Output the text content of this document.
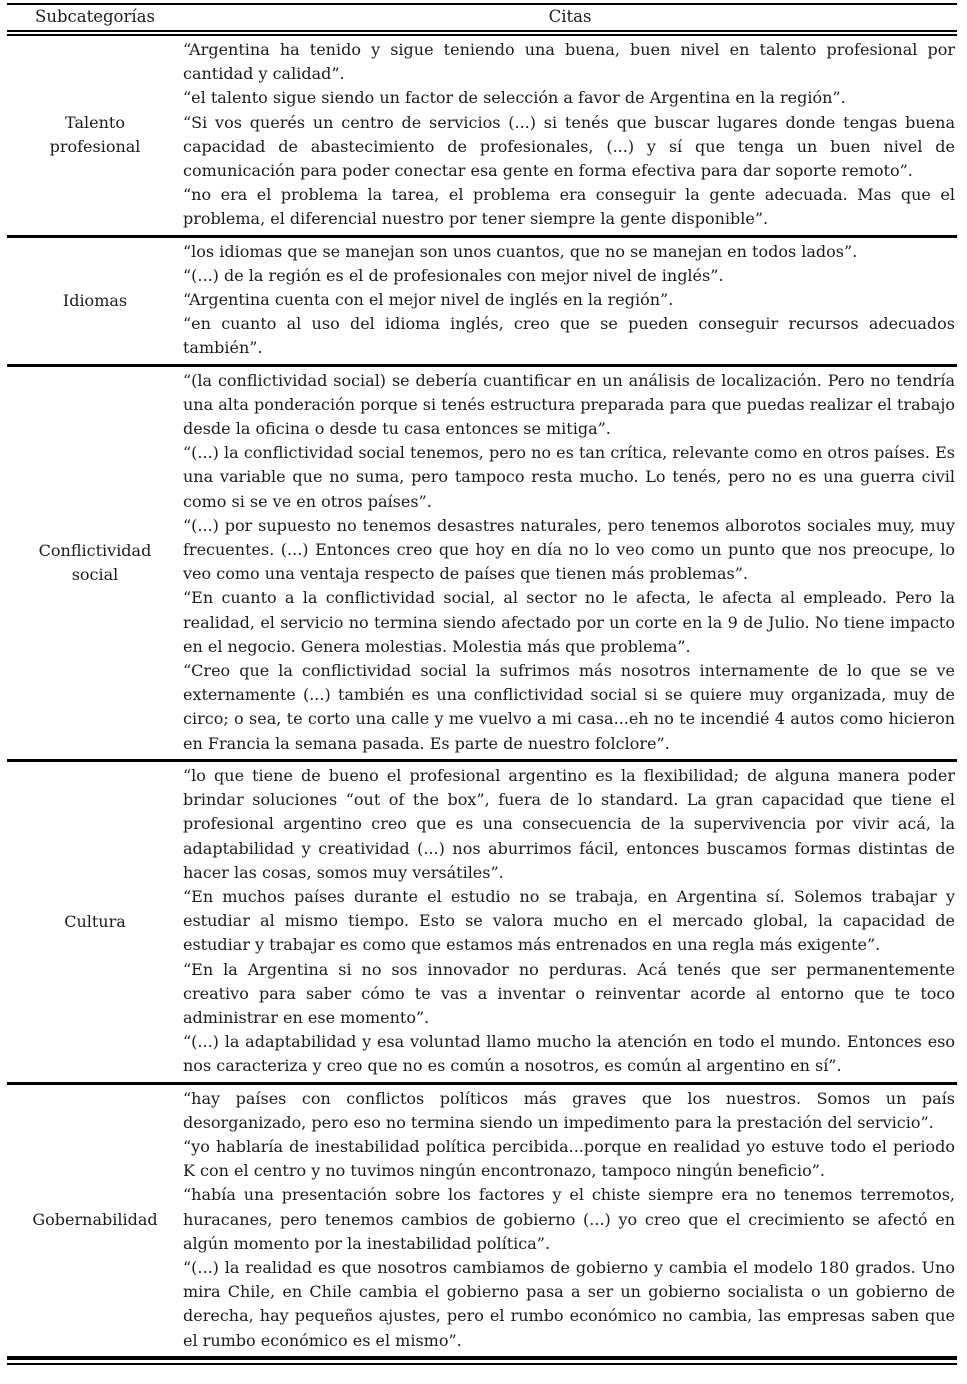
Subcategorías	Citas
Talento profesional	“Argentina ha tenido y sigue teniendo una buena, buen nivel en talento profesional por cantidad y calidad”.

“el talento sigue siendo un factor de selección a favor de Argentina en la región”.

“Si vos querés un centro de servicios (...) si tenés que buscar lugares donde tengas buena capacidad de abastecimiento de profesionales, (...) y sí que tenga un buen nivel de comunicación para poder conectar esa gente en forma efectiva para dar soporte remoto”.

“no era el problema la tarea, el problema era conseguir la gente adecuada. Mas que el problema, el diferencial nuestro por tener siempre la gente disponible”.

Idiomas	“los idiomas que se manejan son unos cuantos, que no se manejan en todos lados”.

“(...) de la región es el de profesionales con mejor nivel de inglés”.

“Argentina cuenta con el mejor nivel de inglés en la región”.

“en cuanto al uso del idioma inglés, creo que se pueden conseguir recursos adecuados también”.

Conflictividad social	“(la conflictividad social) se debería cuantificar en un análisis de localización. Pero no tendría una alta ponderación porque si tenés estructura preparada para que puedas realizar el trabajo desde la oficina o desde tu casa entonces se mitiga”.

“(...) la conflictividad social tenemos, pero no es tan crítica, relevante como en otros países. Es una variable que no suma, pero tampoco resta mucho. Lo tenés, pero no es una guerra civil como si se ve en otros países”.

“(...) por supuesto no tenemos desastres naturales, pero tenemos alborotos sociales muy, muy frecuentes. (...) Entonces creo que hoy en día no lo veo como un punto que nos preocupe, lo veo como una ventaja respecto de países que tienen más problemas”.

“En cuanto a la conflictividad social, al sector no le afecta, le afecta al empleado. Pero la realidad, el servicio no termina siendo afectado por un corte en la 9 de Julio. No tiene impacto en el negocio. Genera molestias. Molestia más que problema”.

“Creo que la conflictividad social la sufrimos más nosotros internamente de lo que se ve externamente (...) también es una conflictividad social si se quiere muy organizada, muy de circo; o sea, te corto una calle y me vuelvo a mi casa...eh no te incendié 4 autos como hicieron en Francia la semana pasada. Es parte de nuestro folclore”.

Cultura	“lo que tiene de bueno el profesional argentino es la flexibilidad; de alguna manera poder brindar soluciones “out of the box”, fuera de lo standard. La gran capacidad que tiene el profesional argentino creo que es una consecuencia de la supervivencia por vivir acá, la adaptabilidad y creatividad (...) nos aburrimos fácil, entonces buscamos formas distintas de hacer las cosas, somos muy versátiles”.

“En muchos países durante el estudio no se trabaja, en Argentina sí. Solemos trabajar y estudiar al mismo tiempo. Esto se valora mucho en el mercado global, la capacidad de estudiar y trabajar es como que estamos más entrenados en una regla más exigente”.

“En la Argentina si no sos innovador no perduras. Acá tenés que ser permanentemente creativo para saber cómo te vas a inventar o reinventar acorde al entorno que te toco administrar en ese momento”.

“(...) la adaptabilidad y esa voluntad llamo mucho la atención en todo el mundo. Entonces eso nos caracteriza y creo que no es común a nosotros, es común al argentino en sí”.

Gobernabilidad	“hay países con conflictos políticos más graves que los nuestros. Somos un país desorganizado, pero eso no termina siendo un impedimento para la prestación del servicio”.

“yo hablaría de inestabilidad política percibida...porque en realidad yo estuve todo el periodo K con el centro y no tuvimos ningún encontronazo, tampoco ningún beneficio”.

“había una presentación sobre los factores y el chiste siempre era no tenemos terremotos, huracanes, pero tenemos cambios de gobierno (...) yo creo que el crecimiento se afectó en algún momento por la inestabilidad política”.

“(...) la realidad es que nosotros cambiamos de gobierno y cambia el modelo 180 grados. Uno mira Chile, en Chile cambia el gobierno pasa a ser un gobierno socialista o un gobierno de derecha, hay pequeños ajustes, pero el rumbo económico no cambia, las empresas saben que el rumbo económico es el mismo”.
